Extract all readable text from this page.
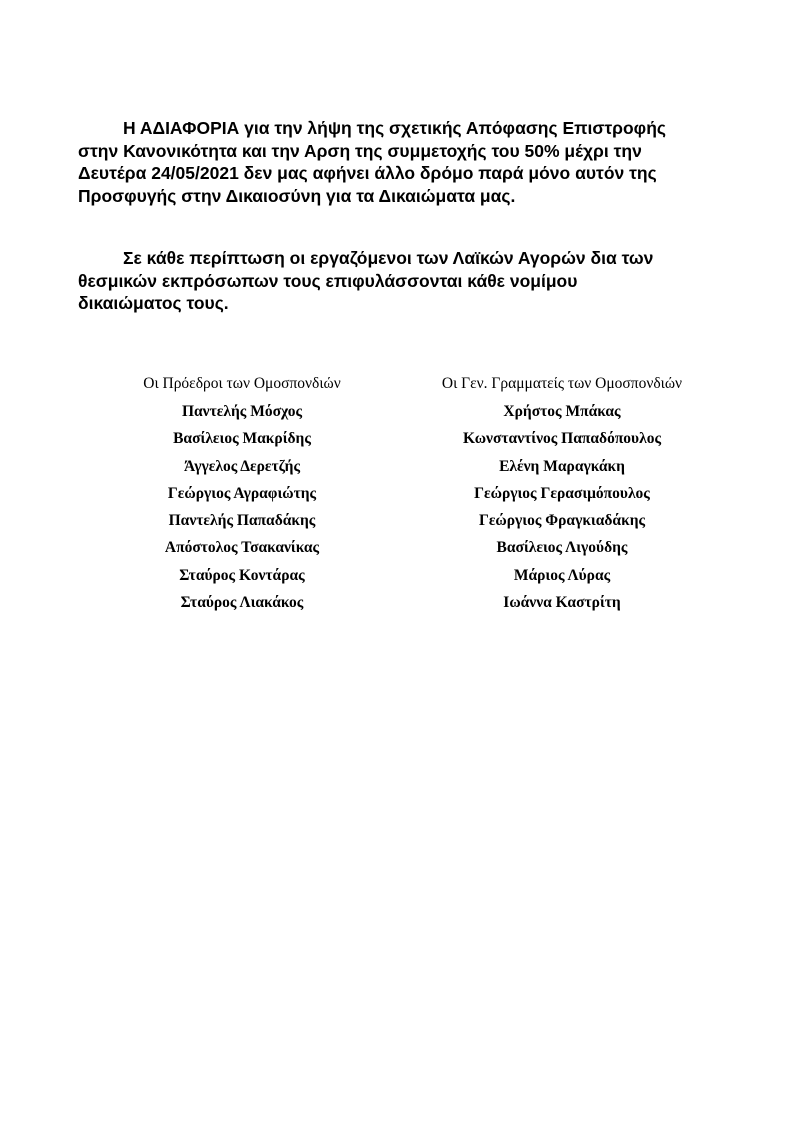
Η ΑΔΙΑΦΟΡΙΑ για την λήψη της σχετικής Απόφασης Επιστροφής
στην Κανονικότητα και την Αρση της συμμετοχής του 50% μέχρι την
Δευτέρα 24/05/2021 δεν μας αφήνει άλλο δρόμο παρά μόνο αυτόν της
Προσφυγής στην Δικαιοσύνη για τα Δικαιώματα μας.

Σε κάθε περίπτωση οι εργαζόμενοι των Λαϊκών Αγορών δια των
θεσμικών εκπρόσωπων τους επιφυλάσσονται κάθε νομίμου
δικαιώματος τους.

Οι Πρόεδροι των Ομοσπονδιών
Παντελής Μόσχος
Βασίλειος Μακρίδης
Άγγελος Δερετζής
Γεώργιος Αγραφιώτης
Παντελής Παπαδάκης
Απόστολος Τσακανίκας
Σταύρος Κοντάρας
Σταύρος Λιακάκος
Οι Γεν. Γραμματείς των Ομοσπονδιών
Χρήστος Μπάκας
Κωνσταντίνος Παπαδόπουλος
Ελένη Μαραγκάκη
Γεώργιος Γερασιμόπουλος
Γεώργιος Φραγκιαδάκης
Βασίλειος Λιγούδης
Μάριος Λύρας
Ιωάννα Καστρίτη
